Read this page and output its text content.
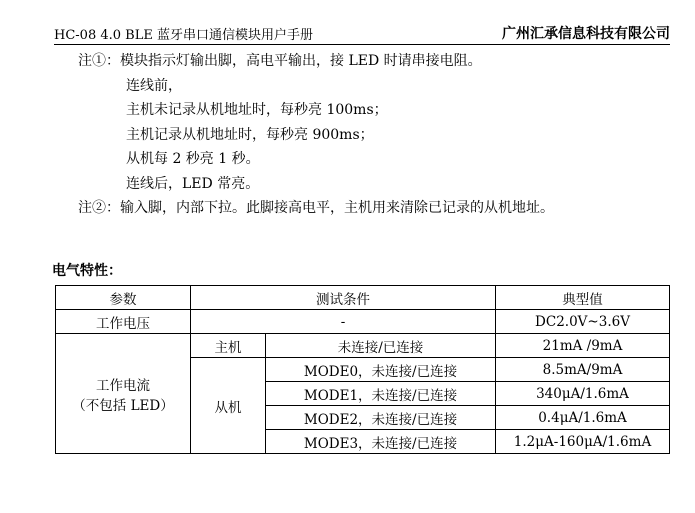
HC-08 4.0 BLE 蓝牙串口通信模块用户手册	广州汇承信息科技有限公司
注①：模块指示灯输出脚，高电平输出，接 LED 时请串接电阻。
连线前，
主机未记录从机地址时，每秒亮 100ms；
主机记录从机地址时，每秒亮 900ms；
从机每 2 秒亮 1 秒。
连线后，LED 常亮。
注②：输入脚，内部下拉。此脚接高电平，主机用来清除已记录的从机地址。
电气特性：
参数	测试条件		典型值
工作电压	-		DC2.0V~3.6V

工作电流
（不包括 LED）	主机	未连接/已连接	21mA /9mA
	从机	MODE0，未连接/已连接	8.5mA/9mA
		MODE1，未连接/已连接	340μA/1.6mA
		MODE2，未连接/已连接	0.4μA/1.6mA
		MODE3，未连接/已连接	1.2μA-160μA/1.6mA
